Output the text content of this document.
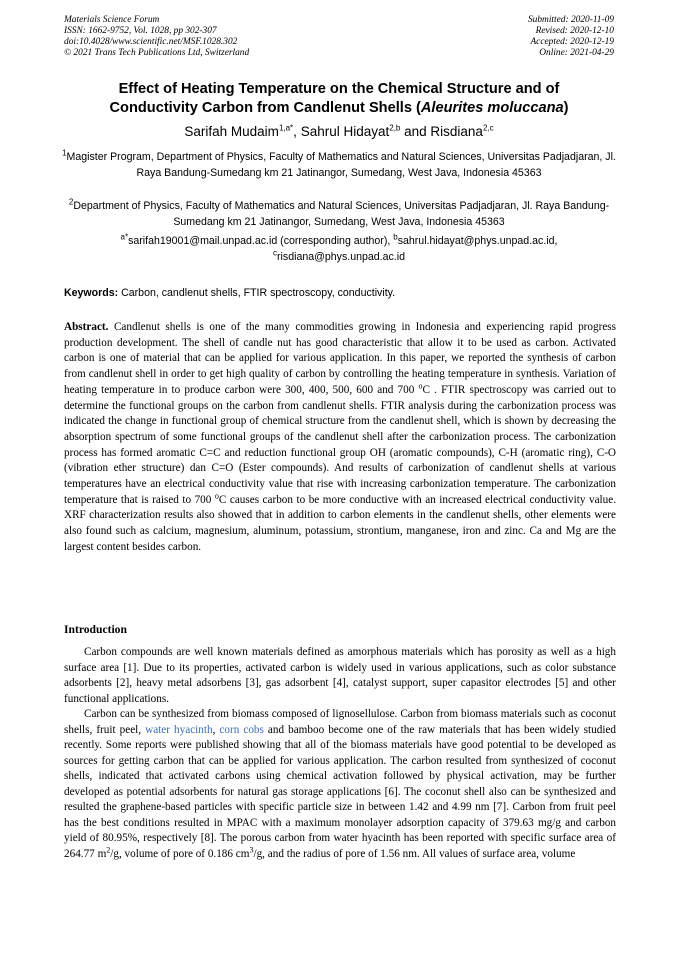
Materials Science Forum
ISSN: 1662-9752, Vol. 1028, pp 302-307
doi:10.4028/www.scientific.net/MSF.1028.302
© 2021 Trans Tech Publications Ltd, Switzerland
Submitted: 2020-11-09
Revised: 2020-12-10
Accepted: 2020-12-19
Online: 2021-04-29
Effect of Heating Temperature on the Chemical Structure and of
Conductivity Carbon from Candlenut Shells (Aleurites moluccana)
Sarifah Mudaim$^{1,a*}$, Sahrul Hidayat$^{2,b}$ and Risdiana$^{2,c}$
$^1$Magister Program, Department of Physics, Faculty of Mathematics and Natural Sciences, Universitas Padjadjaran, Jl. Raya Bandung-Sumedang km 21 Jatinangor, Sumedang, West Java, Indonesia 45363
$^2$Department of Physics, Faculty of Mathematics and Natural Sciences, Universitas Padjadjaran, Jl. Raya Bandung-Sumedang km 21 Jatinangor, Sumedang, West Java, Indonesia 45363
$^{a*}$sarifah19001@mail.unpad.ac.id (corresponding author), $^b$sahrul.hidayat@phys.unpad.ac.id,
$^c$risdiana@phys.unpad.ac.id
Keywords: Carbon, candlenut shells, FTIR spectroscopy, conductivity.

Abstract. Candlenut shells is one of the many commodities growing in Indonesia and experiencing rapid progress production development. The shell of candle nut has good characteristic that allow it to be used as carbon. Activated carbon is one of material that can be applied for various application. In this paper, we reported the synthesis of carbon from candlenut shell in order to get high quality of carbon by controlling the heating temperature in synthesis. Variation of heating temperature in to produce carbon were 300, 400, 500, 600 and 700 $^o$C . FTIR spectroscopy was carried out to determine the functional groups on the carbon from candlenut shells. FTIR analysis during the carbonization process was indicated the change in functional group of chemical structure from the candlenut shell, which is shown by decreasing the absorption spectrum of some functional groups of the candlenut shell after the carbonization process. The carbonization process has formed aromatic C=C and reduction functional group OH (aromatic compounds), C-H (aromatic ring), C-O (vibration ether structure) dan C=O (Ester compounds). And results of carbonization of candlenut shells at various temperatures have an electrical conductivity value that rise with increasing carbonization temperature. The carbonization temperature that is raised to 700 $^o$C causes carbon to be more conductive with an increased electrical conductivity value. XRF characterization results also showed that in addition to carbon elements in the candlenut shells, other elements were also found such as calcium, magnesium, aluminum, potassium, strontium, manganese, iron and zinc. Ca and Mg are the largest content besides carbon.

Introduction

Carbon compounds are well known materials defined as amorphous materials which has porosity as well as a high surface area [1]. Due to its properties, activated carbon is widely used in various applications, such as color substance adsorbents [2], heavy metal adsorbens [3], gas adsorbent [4], catalyst support, super capasitor electrodes [5] and other functional applications.

Carbon can be synthesized from biomass composed of lignosellulose. Carbon from biomass materials such as coconut shells, fruit peel, water hyacinth, corn cobs and bamboo become one of the raw materials that has been widely studied recently. Some reports were published showing that all of the biomass materials have good potential to be developed as sources for getting carbon that can be applied for various application. The carbon resulted from synthesized of coconut shells, indicated that activated carbons using chemical activation followed by physical activation, may be further developed as potential adsorbents for natural gas storage applications [6]. The coconut shell also can be synthesized and resulted the graphene-based particles with specific particle size in between 1.42 and 4.99 nm [7]. Carbon from fruit peel has the best conditions resulted in MPAC with a maximum monolayer adsorption capacity of 379.63 mg/g and carbon yield of 80.95%, respectively [8]. The porous carbon from water hyacinth has been reported with specific surface area of 264.77 $m^2/g$, volume of pore of 0.186 $cm^3/g$, and the radius of pore of 1.56 nm. All values of surface area, volume
